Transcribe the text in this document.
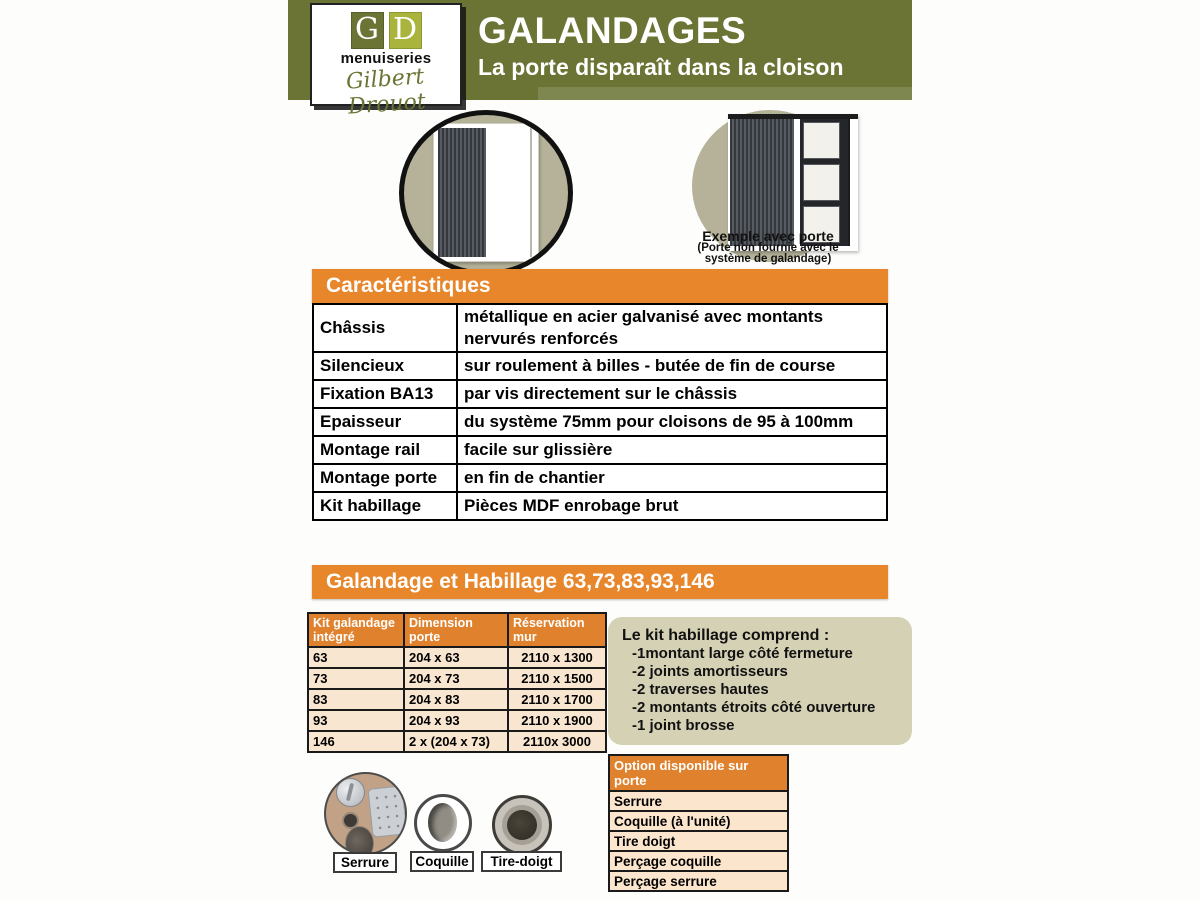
G D
menuiseries
Gilbert Drouot
GALANDAGES
La porte disparaît dans la cloison
Exemple avec porte
(Porte non fournie avec le
système de galandage)
Caractéristiques
Châssis	métallique en acier galvanisé avec montants nervurés renforcés
Silencieux	sur roulement à billes - butée de fin de course
Fixation BA13	par vis directement sur le châssis
Epaisseur	du système 75mm pour cloisons de 95 à 100mm
Montage rail	facile sur glissière
Montage porte	en fin de chantier
Kit habillage	Pièces MDF enrobage brut
Galandage et Habillage 63,73,83,93,146
Kit galandage intégré	Dimension porte	Réservation mur
63	204 x 63	2110 x 1300
73	204 x 73	2110 x 1500
83	204 x 83	2110 x 1700
93	204 x 93	2110 x 1900
146	2 x (204 x 73)	2110x 3000
Le kit habillage comprend :
-1montant large côté fermeture
-2 joints amortisseurs
-2 traverses hautes
-2 montants étroits côté ouverture
-1 joint brosse
Serrure	Coquille	Tire-doigt
Option disponible sur porte
Serrure
Coquille (à l'unité)
Tire doigt
Perçage coquille
Perçage serrure
